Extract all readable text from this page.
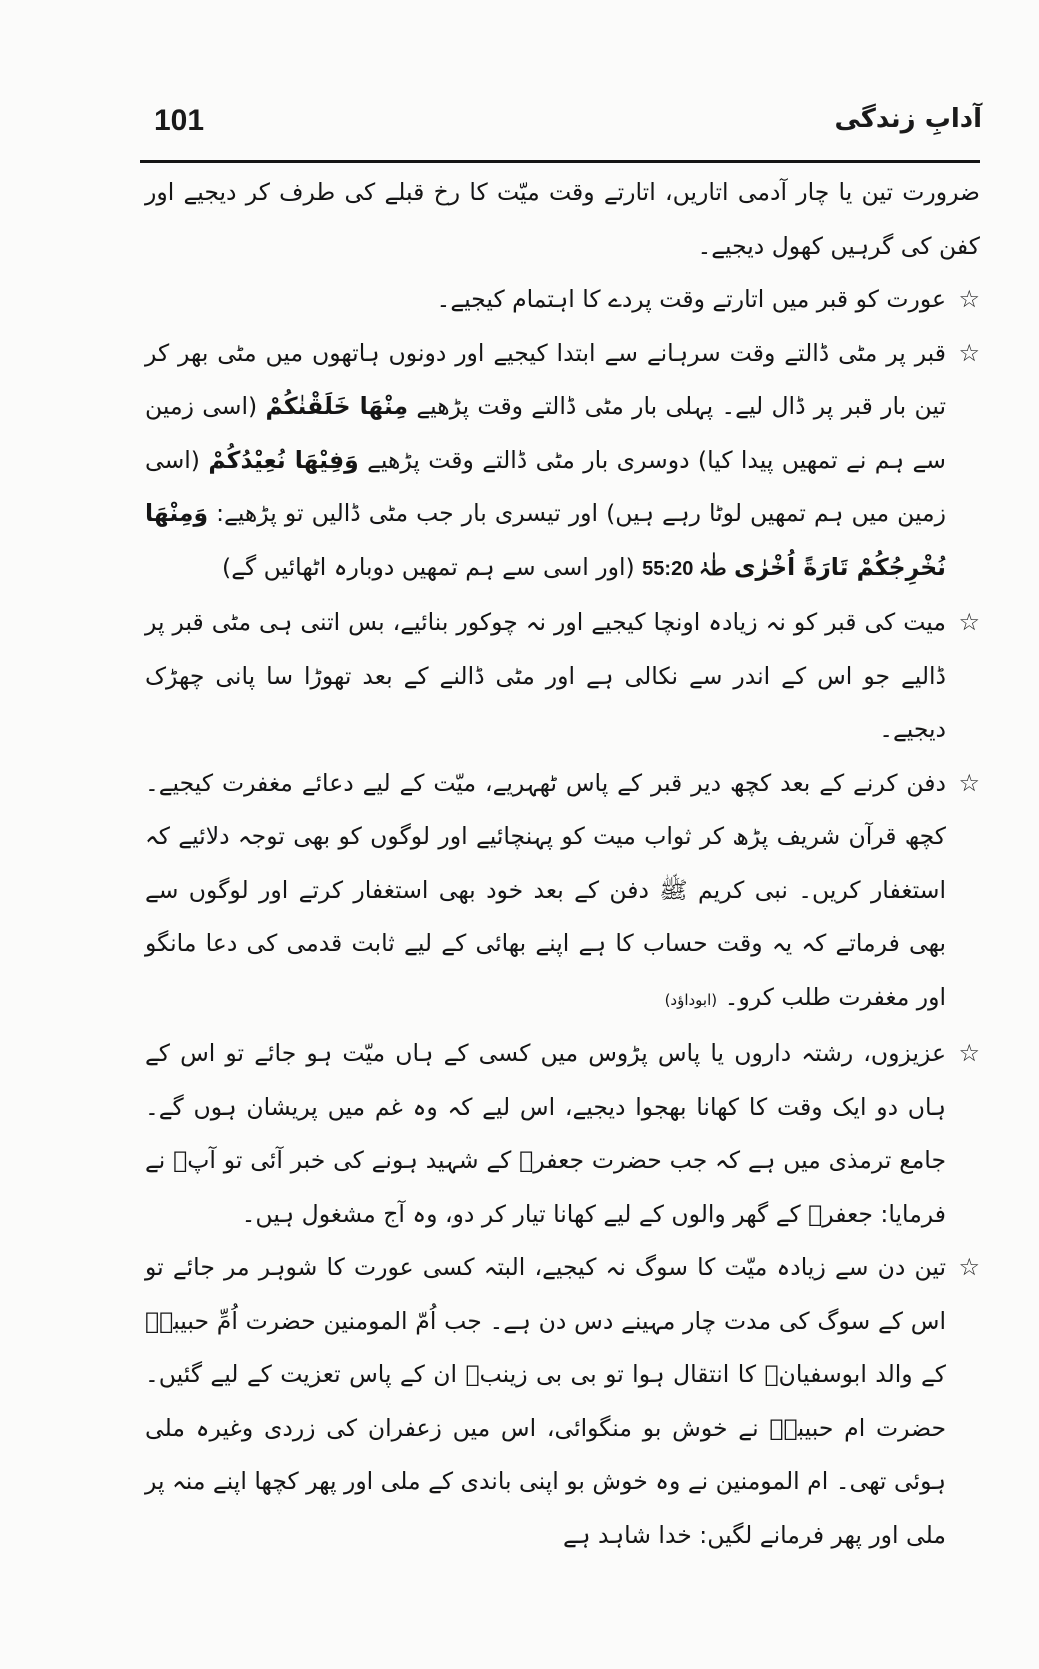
101	آدابِ زندگی

ضرورت تین یا چار آدمی اتاریں، اتارتے وقت میّت کا رخ قبلے کی طرف کر دیجیے اور کفن کی گرہیں کھول دیجیے۔

☆
عورت کو قبر میں اتارتے وقت پردے کا اہتمام کیجیے۔

☆
قبر پر مٹی ڈالتے وقت سرہانے سے ابتدا کیجیے اور دونوں ہاتھوں میں مٹی بھر کر تین بار قبر پر ڈال لیے۔ پہلی بار مٹی ڈالتے وقت پڑھیے مِنْهَا خَلَقْنٰكُمْ (اسی زمین سے ہم نے تمھیں پیدا کیا) دوسری بار مٹی ڈالتے وقت پڑھیے وَفِيْهَا نُعِيْدُكُمْ (اسی زمین میں ہم تمھیں لوٹا رہے ہیں) اور تیسری بار جب مٹی ڈالیں تو پڑھیے: وَمِنْهَا نُخْرِجُكُمْ تَارَةً اُخْرٰى 55:20 طٰہٰ (اور اسی سے ہم تمھیں دوبارہ اٹھائیں گے)

☆
میت کی قبر کو نہ زیادہ اونچا کیجیے اور نہ چوکور بنائیے، بس اتنی ہی مٹی قبر پر ڈالیے جو اس کے اندر سے نکالی ہے اور مٹی ڈالنے کے بعد تھوڑا سا پانی چھڑک دیجیے۔

☆
دفن کرنے کے بعد کچھ دیر قبر کے پاس ٹھہریے، میّت کے لیے دعائے مغفرت کیجیے۔ کچھ قرآن شریف پڑھ کر ثواب میت کو پہنچائیے اور لوگوں کو بھی توجہ دلائیے کہ استغفار کریں۔ نبی کریم ﷺ دفن کے بعد خود بھی استغفار کرتے اور لوگوں سے بھی فرماتے کہ یہ وقت حساب کا ہے اپنے بھائی کے لیے ثابت قدمی کی دعا مانگو اور مغفرت طلب کرو۔ (ابوداؤد)

☆
عزیزوں، رشتہ داروں یا پاس پڑوس میں کسی کے ہاں میّت ہو جائے تو اس کے ہاں دو ایک وقت کا کھانا بھجوا دیجیے، اس لیے کہ وہ غم میں پریشان ہوں گے۔ جامع ترمذی میں ہے کہ جب حضرت جعفرؓ کے شہید ہونے کی خبر آئی تو آپؐ نے فرمایا: جعفرؓ کے گھر والوں کے لیے کھانا تیار کر دو، وہ آج مشغول ہیں۔

☆
تین دن سے زیادہ میّت کا سوگ نہ کیجیے، البتہ کسی عورت کا شوہر مر جائے تو اس کے سوگ کی مدت چار مہینے دس دن ہے۔ جب اُمّ المومنین حضرت اُمِّ حبیبہؓ کے والد ابوسفیانؓ کا انتقال ہوا تو بی بی زینبؓ ان کے پاس تعزیت کے لیے گئیں۔ حضرت ام حبیبہؓ نے خوش بو منگوائی، اس میں زعفران کی زردی وغیرہ ملی ہوئی تھی۔ ام المومنین نے وہ خوش بو اپنی باندی کے ملی اور پھر کچھا اپنے منہ پر ملی اور پھر فرمانے لگیں: خدا شاہد ہے
